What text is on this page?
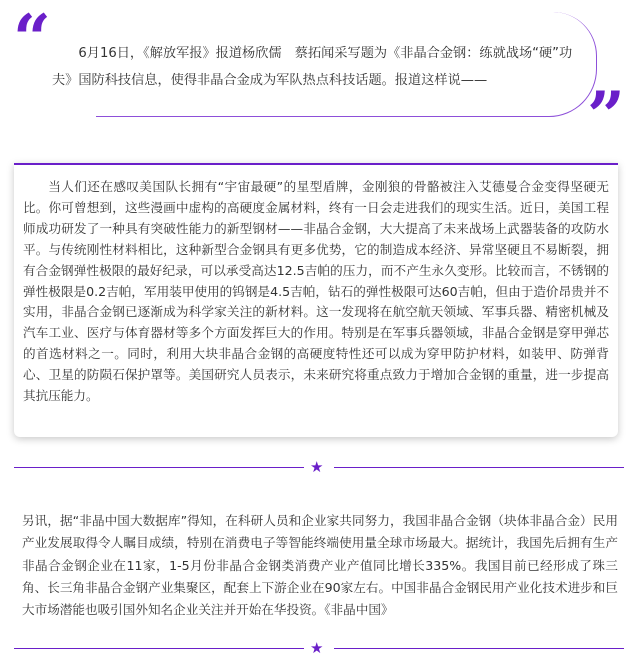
“	6月16日，《解放军报》报道杨欣儒　蔡拓闻采写题为《非晶合金钢：练就战场“硬”功夫》国防科技信息，使得非晶合金成为军队热点科技话题。报道这样说——	”

当人们还在感叹美国队长拥有“宇宙最硬”的星型盾牌，金刚狼的骨骼被注入艾德曼合金变得坚硬无比。你可曾想到，这些漫画中虚构的高硬度金属材料，终有一日会走进我们的现实生活。近日，美国工程师成功研发了一种具有突破性能力的新型钢材——非晶合金钢，大大提高了未来战场上武器装备的攻防水平。与传统刚性材料相比，这种新型合金钢具有更多优势，它的制造成本经济、异常坚硬且不易断裂，拥有合金钢弹性极限的最好纪录，可以承受高达12.5吉帕的压力，而不产生永久变形。比较而言，不锈钢的弹性极限是0.2吉帕，军用装甲使用的钨钢是4.5吉帕，钻石的弹性极限可达60吉帕，但由于造价昂贵并不实用，非晶合金钢已逐渐成为科学家关注的新材料。这一发现将在航空航天领域、军事兵器、精密机械及汽车工业、医疗与体育器材等多个方面发挥巨大的作用。特别是在军事兵器领域，非晶合金钢是穿甲弹芯的首选材料之一。同时，利用大块非晶合金钢的高硬度特性还可以成为穿甲防护材料，如装甲、防弹背心、卫星的防陨石保护罩等。美国研究人员表示，未来研究将重点致力于增加合金钢的重量，进一步提高其抗压能力。

★

另讯，据“非晶中国大数据库”得知，在科研人员和企业家共同努力，我国非晶合金钢（块体非晶合金）民用产业发展取得令人瞩目成绩，特别在消费电子等智能终端使用量全球市场最大。据统计，我国先后拥有生产非晶合金钢企业在11家，1-5月份非晶合金钢类消费产业产值同比增长335%。我国目前已经形成了珠三角、长三角非晶合金钢产业集聚区，配套上下游企业在90家左右。中国非晶合金钢民用产业化技术进步和巨大市场潜能也吸引国外知名企业关注并开始在华投资。《非晶中国》

★
